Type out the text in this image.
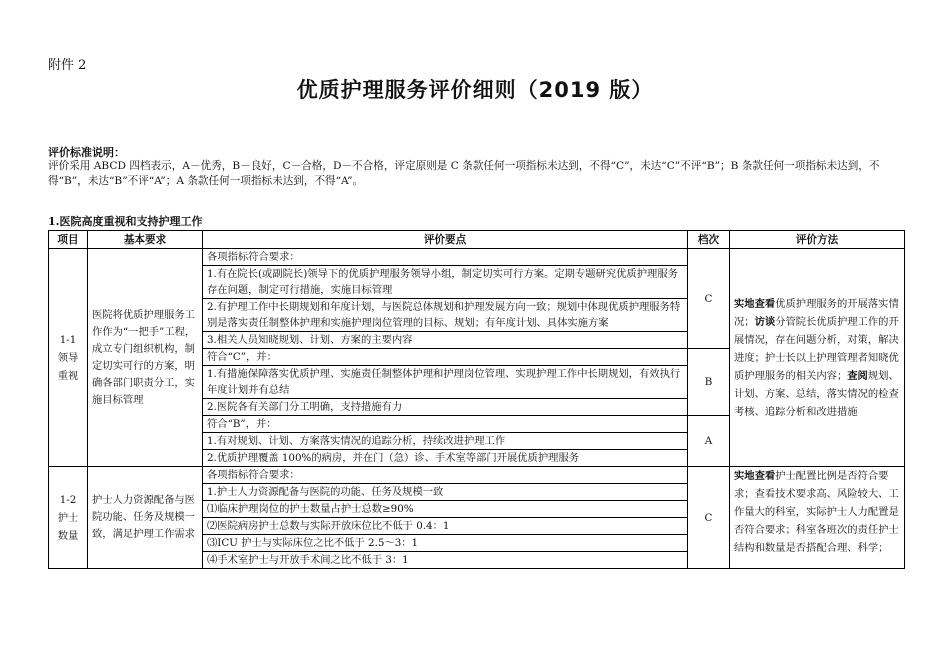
附件 2
优质护理服务评价细则（2019 版）
评价标准说明：
评价采用 ABCD 四档表示，A－优秀，B－良好，C－合格，D－不合格，评定原则是 C 条款任何一项指标未达到，不得“C”，未达“C”不评“B”；B 条款任何一项指标未达到，不得“B”，未达“B”不评“A”；A 条款任何一项指标未达到，不得“A”。
1.医院高度重视和支持护理工作
项目	基本要求	评价要点	档次	评价方法
1-1
领导
重视	医院将优质护理服务工作作为“一把手”工程，成立专门组织机构，制定切实可行的方案，明确各部门职责分工，实施目标管理	各项指标符合要求：	C	实地查看优质护理服务的开展落实情况；访谈分管院长优质护理工作的开展情况，存在问题分析，对策，解决进度；护士长以上护理管理者知晓优质护理服务的相关内容；查阅规划、计划、方案、总结，落实情况的检查考核、追踪分析和改进措施
		1.有在院长(或副院长)领导下的优质护理服务领导小组，制定切实可行方案。定期专题研究优质护理服务存在问题，制定可行措施，实施目标管理		
		2.有护理工作中长期规划和年度计划，与医院总体规划和护理发展方向一致；规划中体现优质护理服务特别是落实责任制整体护理和实施护理岗位管理的目标、规划；有年度计划、具体实施方案		
		3.相关人员知晓规划、计划、方案的主要内容		
		符合“C”，并：	B	
		1.有措施保障落实优质护理、实施责任制整体护理和护理岗位管理、实现护理工作中长期规划，有效执行年度计划并有总结		
		2.医院各有关部门分工明确，支持措施有力		
		符合“B”，并：	A	
		1.有对规划、计划、方案落实情况的追踪分析，持续改进护理工作		
		2.优质护理覆盖 100%的病房，并在门（急）诊、手术室等部门开展优质护理服务		
1-2
护士
数量	护士人力资源配备与医院功能、任务及规模一致，满足护理工作需求	各项指标符合要求：	C	实地查看护士配置比例是否符合要求；查看技术要求高、风险较大、工作量大的科室，实际护士人力配置是否符合要求；科室各班次的责任护士结构和数量是否搭配合理、科学；
		1.护士人力资源配备与医院的功能、任务及规模一致		
		⑴临床护理岗位的护士数量占护士总数≥90%		
		⑵医院病房护士总数与实际开放床位比不低于 0.4：1		
		⑶ICU 护士与实际床位之比不低于 2.5～3：1		
		⑷手术室护士与开放手术间之比不低于 3：1		
